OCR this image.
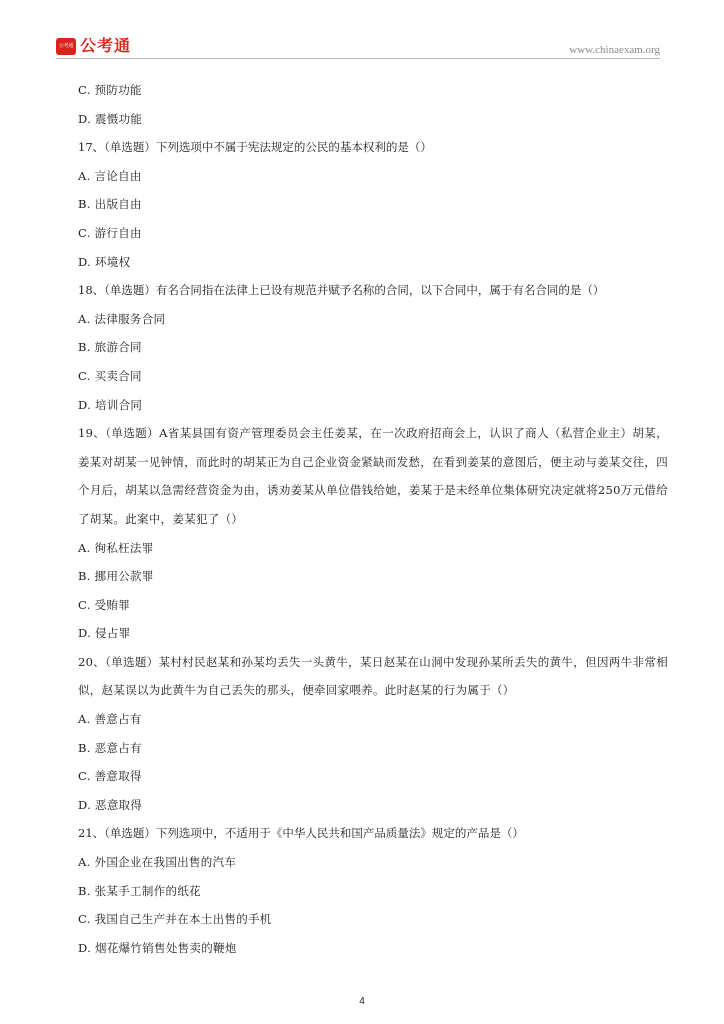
公考通 公考通	www.chinaexam.org
C. 预防功能
D. 震慑功能
17、（单选题）下列选项中不属于宪法规定的公民的基本权利的是（）
A. 言论自由
B. 出版自由
C. 游行自由
D. 环境权
18、（单选题）有名合同指在法律上已设有规范并赋予名称的合同，以下合同中，属于有名合同的是（）
A. 法律服务合同
B. 旅游合同
C. 买卖合同
D. 培训合同
19、（单选题）A省某县国有资产管理委员会主任姜某，在一次政府招商会上，认识了商人（私营企业主）胡某，姜某对胡某一见钟情，而此时的胡某正为自己企业资金紧缺而发愁，在看到姜某的意图后，便主动与姜某交往，四个月后，胡某以急需经营资金为由，诱劝姜某从单位借钱给她，姜某于是未经单位集体研究决定就将250万元借给了胡某。此案中，姜某犯了（）
A. 徇私枉法罪
B. 挪用公款罪
C. 受贿罪
D. 侵占罪
20、（单选题）某村村民赵某和孙某均丢失一头黄牛，某日赵某在山洞中发现孙某所丢失的黄牛，但因两牛非常相似，赵某误以为此黄牛为自己丢失的那头，便牵回家喂养。此时赵某的行为属于（）
A. 善意占有
B. 恶意占有
C. 善意取得
D. 恶意取得
21、（单选题）下列选项中，不适用于《中华人民共和国产品质量法》规定的产品是（）
A. 外国企业在我国出售的汽车
B. 张某手工制作的纸花
C. 我国自己生产并在本土出售的手机
D. 烟花爆竹销售处售卖的鞭炮
4
